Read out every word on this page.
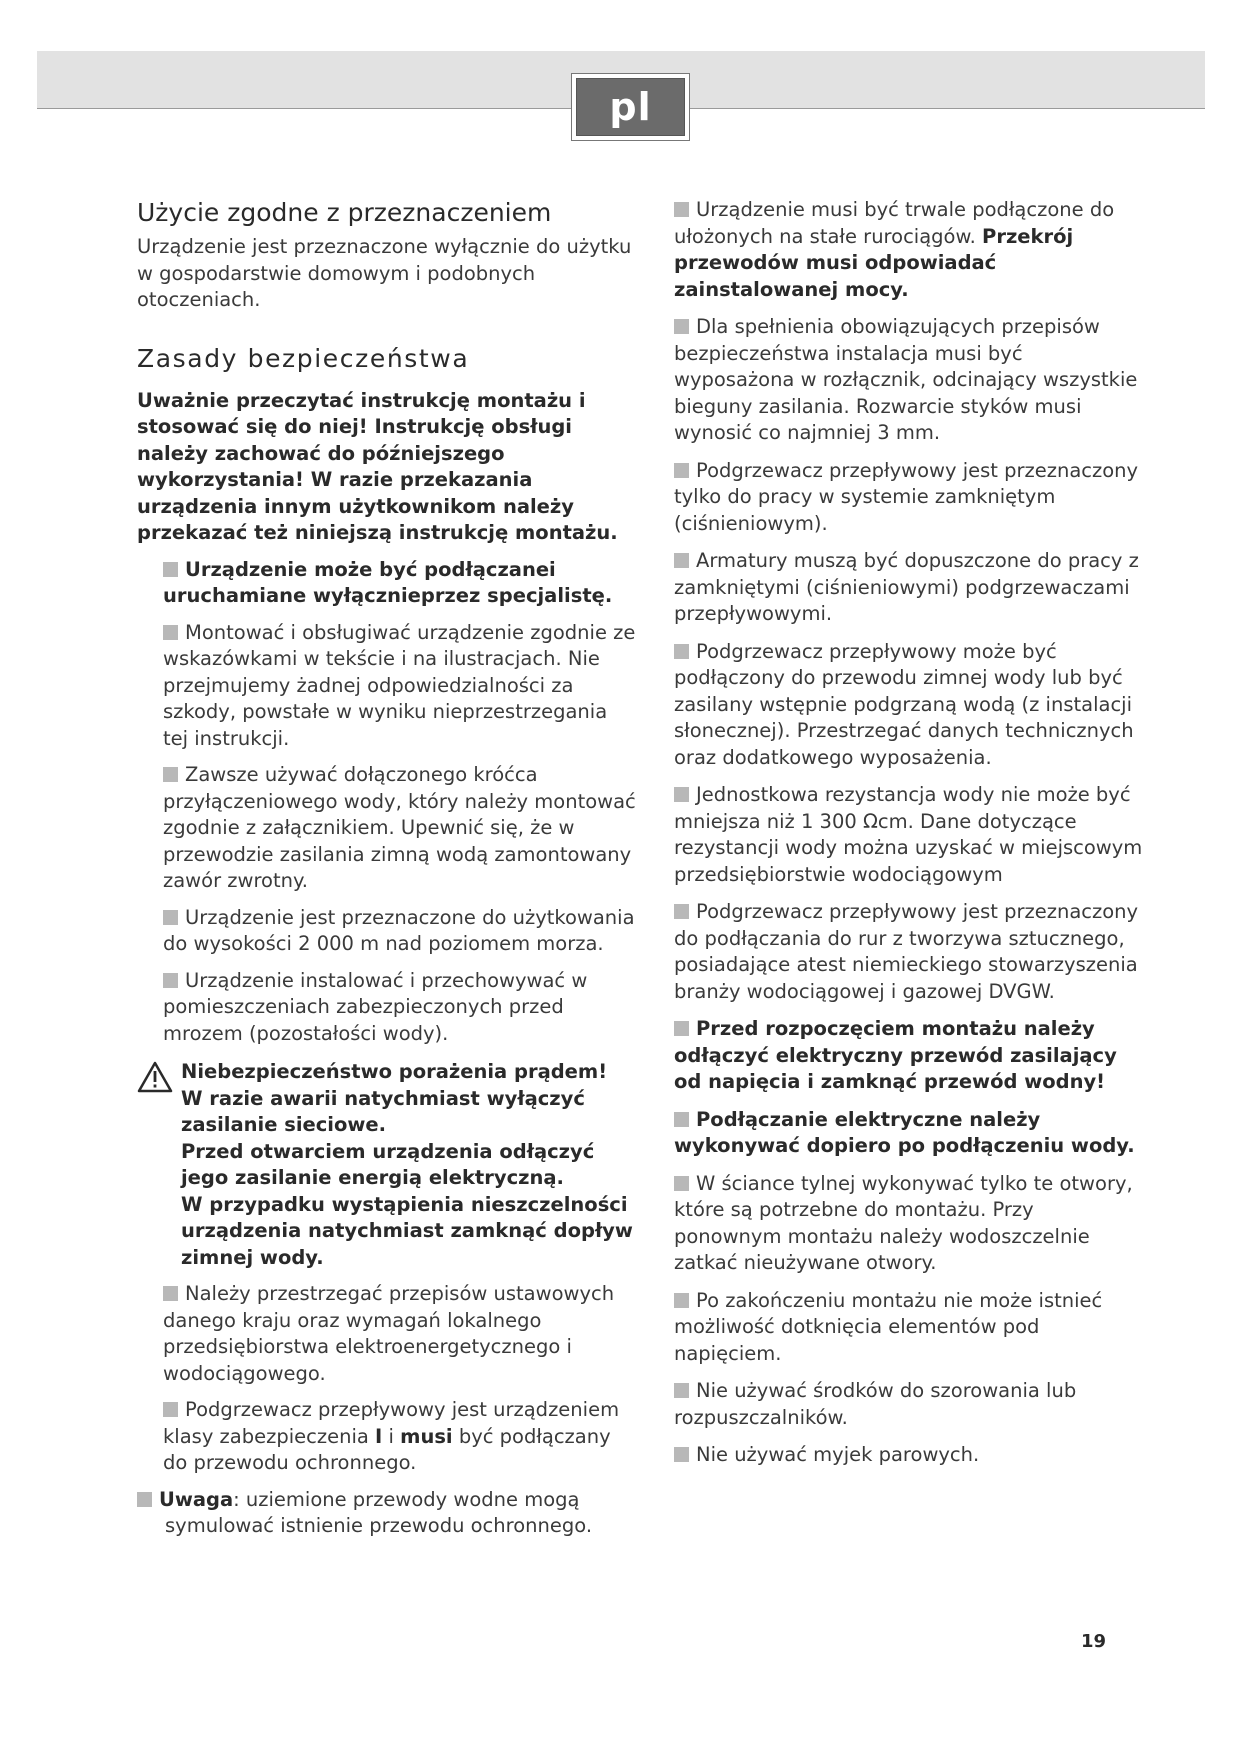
pl
Użycie zgodne z przeznaczeniem

Urządzenie jest przeznaczone wyłącznie do użytku w gospodarstwie domowym i podobnych otoczeniach.

Zasady bezpieczeństwa

Uważnie przeczytać instrukcję montażu i stosować się do niej! Instrukcję obsługi należy zachować do późniejszego wykorzystania! W razie przekazania urządzenia innym użytkownikom należy przekazać też niniejszą instrukcję montażu.

Urządzenie może być podłączanei uruchamiane wyłącznieprzez specjalistę.
Montować i obsługiwać urządzenie zgodnie ze wskazówkami w tekście i na ilustracjach. Nie przejmujemy żadnej odpowiedzialności za szkody, powstałe w wyniku nieprzestrzegania tej instrukcji.
Zawsze używać dołączonego króćca przyłączeniowego wody, który należy montować zgodnie z załącznikiem. Upewnić się, że w przewodzie zasilania zimną wodą zamontowany zawór zwrotny.
Urządzenie jest przeznaczone do użytkowania do wysokości 2 000 m nad poziomem morza.
Urządzenie instalować i przechowywać w pomieszczeniach zabezpieczonych przed mrozem (pozostałości wody).
Niebezpieczeństwo porażenia prądem!
W razie awarii natychmiast wyłączyć zasilanie sieciowe.
Przed otwarciem urządzenia odłączyć jego zasilanie energią elektryczną.
W przypadku wystąpienia nieszczelności urządzenia natychmiast zamknąć dopływ zimnej wody.
Należy przestrzegać przepisów ustawowych danego kraju oraz wymagań lokalnego przedsiębiorstwa elektroenergetycznego i wodociągowego.
Podgrzewacz przepływowy jest urządzeniem klasy zabezpieczenia I i musi być podłączany do przewodu ochronnego.
Uwaga: uziemione przewody wodne mogą symulować istnienie przewodu ochronnego.
Urządzenie musi być trwale podłączone do ułożonych na stałe rurociągów. Przekrój przewodów musi odpowiadać zainstalowanej mocy.
Dla spełnienia obowiązujących przepisów bezpieczeństwa instalacja musi być wyposażona w rozłącznik, odcinający wszystkie bieguny zasilania. Rozwarcie styków musi wynosić co najmniej 3 mm.
Podgrzewacz przepływowy jest przeznaczony tylko do pracy w systemie zamkniętym (ciśnieniowym).
Armatury muszą być dopuszczone do pracy z zamkniętymi (ciśnieniowymi) podgrzewaczami przepływowymi.
Podgrzewacz przepływowy może być podłączony do przewodu zimnej wody lub być zasilany wstępnie podgrzaną wodą (z instalacji słonecznej). Przestrzegać danych technicznych oraz dodatkowego wyposażenia.
Jednostkowa rezystancja wody nie może być mniejsza niż 1 300 Ωcm. Dane dotyczące rezystancji wody można uzyskać w miejscowym przedsiębiorstwie wodociągowym
Podgrzewacz przepływowy jest przeznaczony do podłączania do rur z tworzywa sztucznego, posiadające atest niemieckiego stowarzyszenia branży wodociągowej i gazowej DVGW.
Przed rozpoczęciem montażu należy odłączyć elektryczny przewód zasilający od napięcia i zamknąć przewód wodny!
Podłączanie elektryczne należy wykonywać dopiero po podłączeniu wody.
W ściance tylnej wykonywać tylko te otwory, które są potrzebne do montażu. Przy ponownym montażu należy wodoszczelnie zatkać nieużywane otwory.
Po zakończeniu montażu nie może istnieć możliwość dotknięcia elementów pod napięciem.
Nie używać środków do szorowania lub rozpuszczalników.
Nie używać myjek parowych.
19
